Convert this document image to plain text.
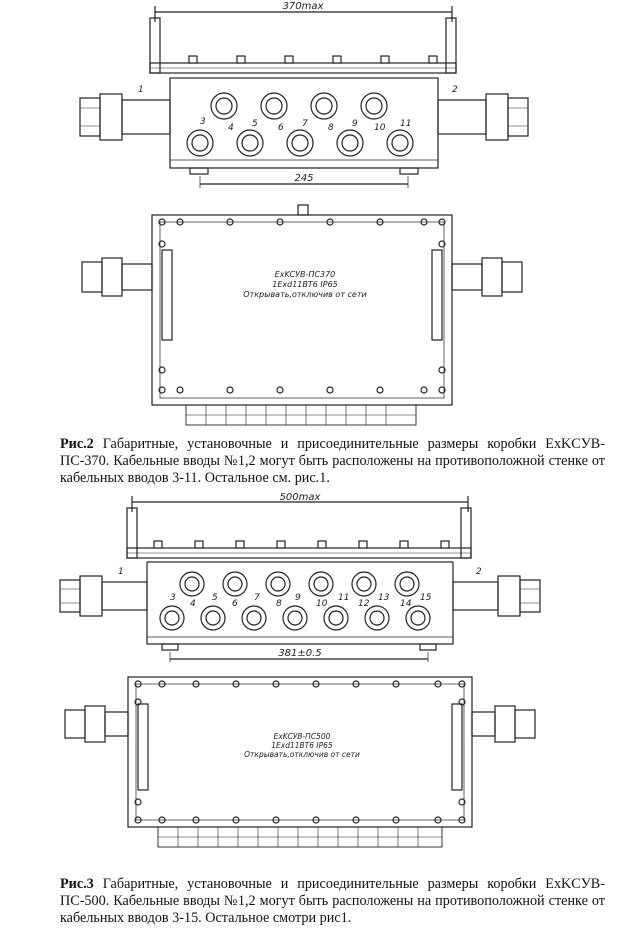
370max
245
1	2
3
4 5 6 7 8 9 10 11
ExKCУВ-ПС370
1Exd11BT6 IP65
Открывать,отключив от сети
Рис.2 Габаритные, установочные и присоединительные размеры коробки ExKCУВ-ПС-370. Кабельные вводы №1,2 могут быть расположены на противоположной стенке от кабельных вводов 3-11. Остальное см. рис.1.
500max
381±0.5
1	2
3
4
5
6
7
8
9
10
11
12
13
14
15
ExKCУВ-ПС500
1Exd11BT6 IP65
Открывать,отключив от сети
Рис.3 Габаритные, установочные и присоединительные размеры коробки ExKCУВ-ПС-500. Кабельные вводы №1,2 могут быть расположены на противоположной стенке от кабельных вводов 3-15. Остальное смотри рис1.
